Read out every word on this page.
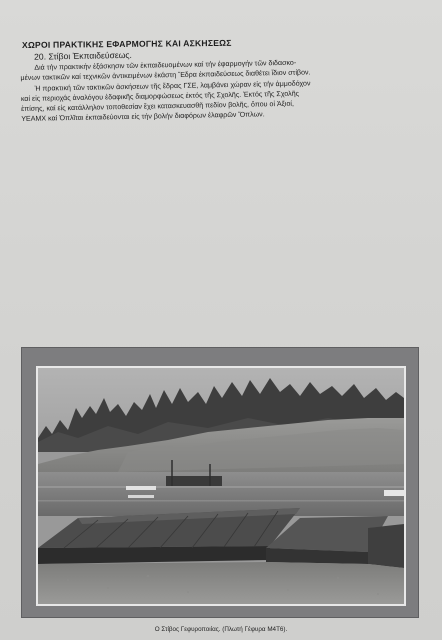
ΧΩΡΟΙ ΠΡΑΚΤΙΚΗΣ ΕΦΑΡΜΟΓΗΣ ΚΑΙ ΑΣΚΗΣΕΩΣ
20. Στίβοι Ἐκπαιδεύσεως.
Διά τήν πρακτικήν ἐξάσκησιν τῶν ἐκπαιδευομένων καί τήν ἐφαρμογήν τῶν διδασκο-
μένων τακτικῶν καί τεχνικῶν ἀντικειμένων ἑκάστη Ἕδρα ἐκπαιδεύσεως διαθέτει ἴδιον στίβον.
Ἡ πρακτική τῶν τακτικῶν ἀσκήσεων τῆς ἕδρας ΓΣΕ, λαμβάνει χώραν εἰς τήν ἀμμοδόχον
καί εἰς περιοχάς ἀναλόγου ἐδαφικῆς διαμορφώσεως ἐκτός τῆς Σχολῆς. Ἐκτός τῆς Σχολῆς
ἐπίσης, καί εἰς κατάλληλον τοποθεσίαν ἔχει κατασκευασθῆ πεδίον βολῆς, ὅπου οἱ Ἀξιοί,
ΥΕΑΜΧ καί Ὁπλῖται ἐκπαιδεύονται εἰς τήν βολήν διαφόρων ἐλαφρῶν Ὅπλων.
Ο Στίβος Γεφυροποιίας. (Πλωτή Γέφυρα Μ4Τ6).
